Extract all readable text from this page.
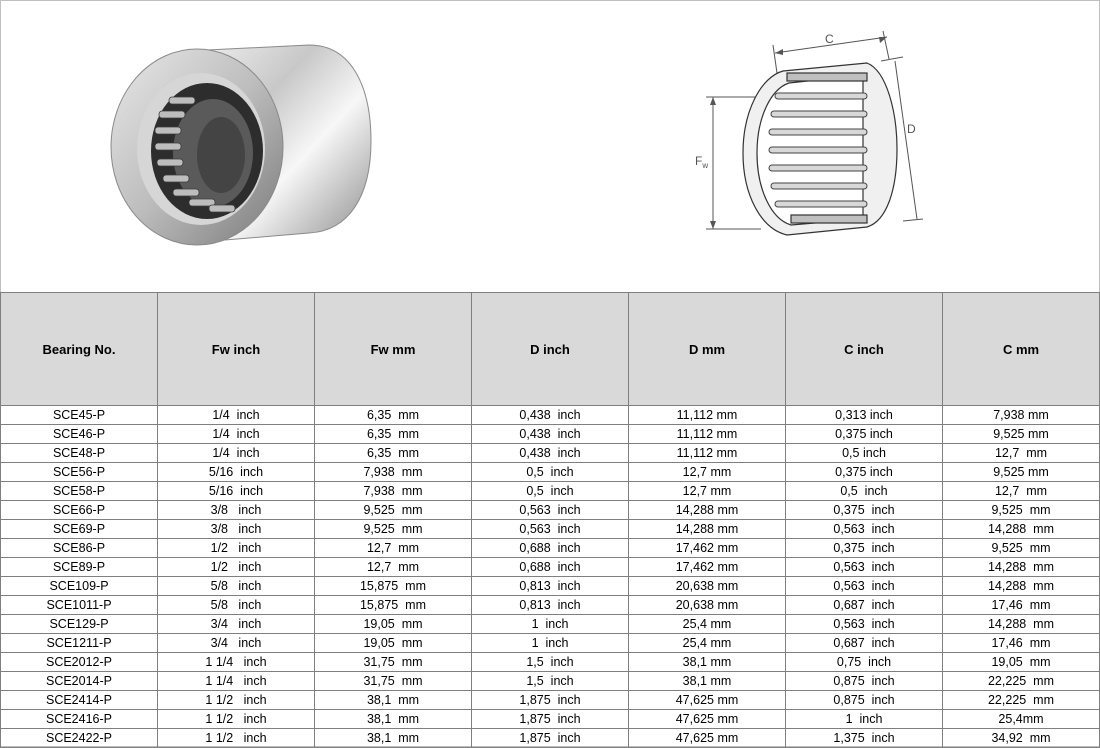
C
D
$F_w$
Bearing No.	Fw inch	Fw mm	D inch	D mm	C inch	C mm
SCE45-P	1/4  inch	6,35  mm	0,438  inch	11,112 mm	0,313 inch	7,938 mm
SCE46-P	1/4  inch	6,35  mm	0,438  inch	11,112 mm	0,375 inch	9,525 mm
SCE48-P	1/4  inch	6,35  mm	0,438  inch	11,112 mm	0,5 inch	12,7  mm
SCE56-P	5/16  inch	7,938  mm	0,5  inch	12,7 mm	0,375 inch	9,525 mm
SCE58-P	5/16  inch	7,938  mm	0,5  inch	12,7 mm	0,5  inch	12,7  mm
SCE66-P	3/8   inch	9,525  mm	0,563  inch	14,288 mm	0,375  inch	9,525  mm
SCE69-P	3/8   inch	9,525  mm	0,563  inch	14,288 mm	0,563  inch	14,288  mm
SCE86-P	1/2   inch	12,7  mm	0,688  inch	17,462 mm	0,375  inch	9,525  mm
SCE89-P	1/2   inch	12,7  mm	0,688  inch	17,462 mm	0,563  inch	14,288  mm
SCE109-P	5/8   inch	15,875  mm	0,813  inch	20,638 mm	0,563  inch	14,288  mm
SCE1011-P	5/8   inch	15,875  mm	0,813  inch	20,638 mm	0,687  inch	17,46  mm
SCE129-P	3/4   inch	19,05  mm	1  inch	25,4 mm	0,563  inch	14,288  mm
SCE1211-P	3/4   inch	19,05  mm	1  inch	25,4 mm	0,687  inch	17,46  mm
SCE2012-P	1 1/4   inch	31,75  mm	1,5  inch	38,1 mm	0,75  inch	19,05  mm
SCE2014-P	1 1/4   inch	31,75  mm	1,5  inch	38,1 mm	0,875  inch	22,225  mm
SCE2414-P	1 1/2   inch	38,1  mm	1,875  inch	47,625 mm	0,875  inch	22,225  mm
SCE2416-P	1 1/2   inch	38,1  mm	1,875  inch	47,625 mm	1  inch	25,4mm
SCE2422-P	1 1/2   inch	38,1  mm	1,875  inch	47,625 mm	1,375  inch	34,92  mm
